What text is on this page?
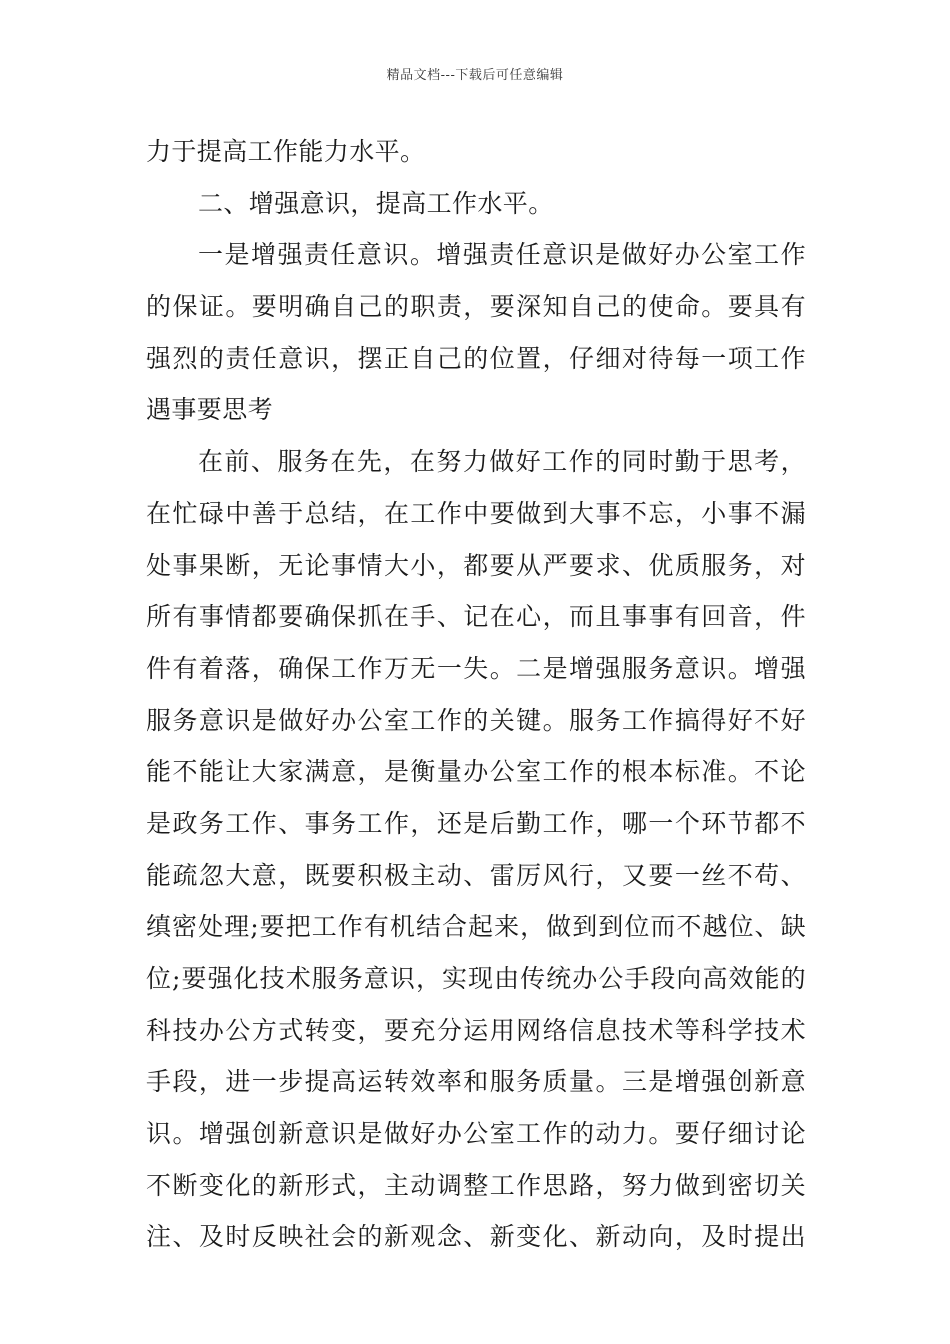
精品文档---下载后可任意编辑
力于提高工作能力水平。
二、增强意识，提高工作水平。
一是增强责任意识。增强责任意识是做好办公室工作
的保证。要明确自己的职责，要深知自己的使命。要具有
强烈的责任意识，摆正自己的位置，仔细对待每一项工作
遇事要思考
在前、服务在先，在努力做好工作的同时勤于思考，
在忙碌中善于总结，在工作中要做到大事不忘，小事不漏
处事果断，无论事情大小，都要从严要求、优质服务，对
所有事情都要确保抓在手、记在心，而且事事有回音，件
件有着落，确保工作万无一失。二是增强服务意识。增强
服务意识是做好办公室工作的关键。服务工作搞得好不好
能不能让大家满意，是衡量办公室工作的根本标准。不论
是政务工作、事务工作，还是后勤工作，哪一个环节都不
能疏忽大意，既要积极主动、雷厉风行，又要一丝不苟、
缜密处理;要把工作有机结合起来，做到到位而不越位、缺
位;要强化技术服务意识，实现由传统办公手段向高效能的
科技办公方式转变，要充分运用网络信息技术等科学技术
手段，进一步提高运转效率和服务质量。三是增强创新意
识。增强创新意识是做好办公室工作的动力。要仔细讨论
不断变化的新形式，主动调整工作思路，努力做到密切关
注、及时反映社会的新观念、新变化、新动向，及时提出
